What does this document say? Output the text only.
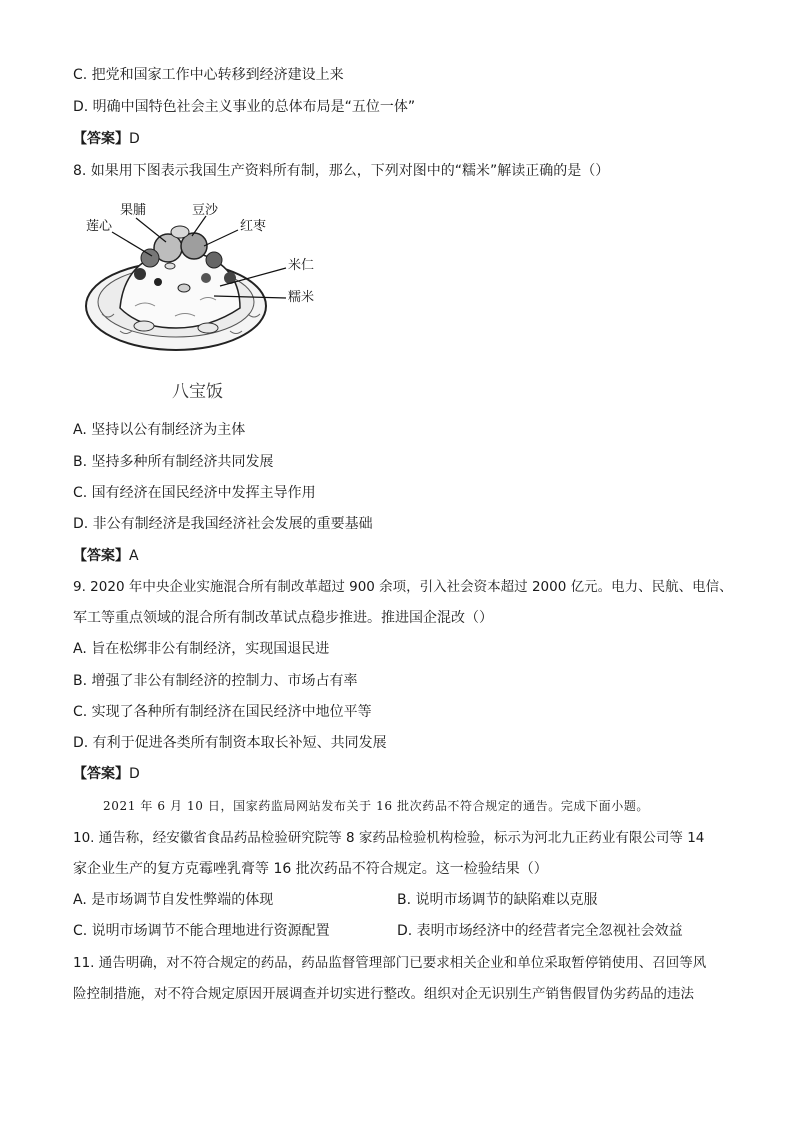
C. 把党和国家工作中心转移到经济建设上来
D. 明确中国特色社会主义事业的总体布局是“五位一体”
【答案】D
8. 如果用下图表示我国生产资料所有制，那么，下列对图中的“糯米”解读正确的是（）
莲心
果脯	豆沙
红枣
米仁
糯米
八宝饭
A. 坚持以公有制经济为主体
B. 坚持多种所有制经济共同发展
C. 国有经济在国民经济中发挥主导作用
D. 非公有制经济是我国经济社会发展的重要基础
【答案】A
9. 2020 年中央企业实施混合所有制改革超过 900 余项，引入社会资本超过 2000 亿元。电力、民航、电信、
军工等重点领域的混合所有制改革试点稳步推进。推进国企混改（）
A. 旨在松绑非公有制经济，实现国退民进
B. 增强了非公有制经济的控制力、市场占有率
C. 实现了各种所有制经济在国民经济中地位平等
D. 有利于促进各类所有制资本取长补短、共同发展
【答案】D
2021 年 6 月 10 日，国家药监局网站发布关于 16 批次药品不符合规定的通告。完成下面小题。
10. 通告称，经安徽省食品药品检验研究院等 8 家药品检验机构检验，标示为河北九正药业有限公司等 14
家企业生产的复方克霉唑乳膏等 16 批次药品不符合规定。这一检验结果（）
A. 是市场调节自发性弊端的体现	B. 说明市场调节的缺陷难以克服
C. 说明市场调节不能合理地进行资源配置	D. 表明市场经济中的经营者完全忽视社会效益
11. 通告明确，对不符合规定的药品，药品监督管理部门已要求相关企业和单位采取暂停销使用、召回等风
险控制措施，对不符合规定原因开展调查并切实进行整改。组织对企无识别生产销售假冒伪劣药品的违法
